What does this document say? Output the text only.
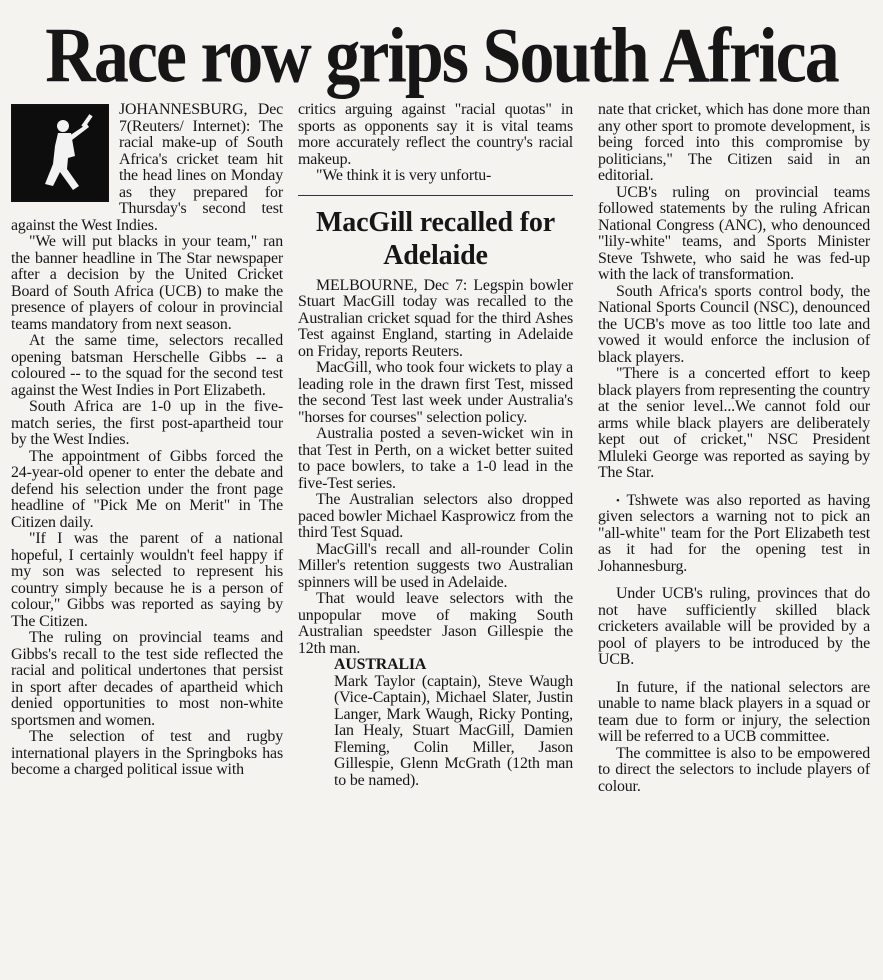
Race row grips South Africa

JOHANNESBURG, Dec 7(Reuters/ Internet): The racial make-up of South Africa's cricket team hit the head lines on Monday as they prepared for Thursday's second test against the West Indies.

"We will put blacks in your team," ran the banner headline in The Star newspaper after a decision by the United Cricket Board of South Africa (UCB) to make the presence of players of colour in provincial teams mandatory from next season.

At the same time, selectors recalled opening batsman Herschelle Gibbs -- a coloured -- to the squad for the second test against the West Indies in Port Elizabeth.

South Africa are 1-0 up in the five-match series, the first post-apartheid tour by the West Indies.

The appointment of Gibbs forced the 24-year-old opener to enter the debate and defend his selection under the front page headline of "Pick Me on Merit" in The Citizen daily.

"If I was the parent of a national hopeful, I certainly wouldn't feel happy if my son was selected to represent his country simply because he is a person of colour," Gibbs was reported as saying by The Citizen.

The ruling on provincial teams and Gibbs's recall to the test side reflected the racial and political undertones that persist in sport after decades of apartheid which denied opportunities to most non-white sportsmen and women.

The selection of test and rugby international players in the Springboks has become a charged political issue with

critics arguing against "racial quotas" in sports as opponents say it is vital teams more accurately reflect the country's racial makeup.

"We think it is very unfortu-

MacGill recalled for Adelaide

MELBOURNE, Dec 7: Legspin bowler Stuart MacGill today was recalled to the Australian cricket squad for the third Ashes Test against England, starting in Adelaide on Friday, reports Reuters.

MacGill, who took four wickets to play a leading role in the drawn first Test, missed the second Test last week under Australia's "horses for courses" selection policy.

Australia posted a seven-wicket win in that Test in Perth, on a wicket better suited to pace bowlers, to take a 1-0 lead in the five-Test series.

The Australian selectors also dropped paced bowler Michael Kasprowicz from the third Test Squad.

MacGill's recall and all-rounder Colin Miller's retention suggests two Australian spinners will be used in Adelaide.

That would leave selectors with the unpopular move of making South Australian speedster Jason Gillespie the 12th man.

AUSTRALIA

Mark Taylor (captain), Steve Waugh (Vice-Captain), Michael Slater, Justin Langer, Mark Waugh, Ricky Ponting, Ian Healy, Stuart MacGill, Damien Fleming, Colin Miller, Jason Gillespie, Glenn McGrath (12th man to be named).

nate that cricket, which has done more than any other sport to promote development, is being forced into this compromise by politicians," The Citizen said in an editorial.

UCB's ruling on provincial teams followed statements by the ruling African National Congress (ANC), who denounced "lily-white" teams, and Sports Minister Steve Tshwete, who said he was fed-up with the lack of transformation.

South Africa's sports control body, the National Sports Council (NSC), denounced the UCB's move as too little too late and vowed it would enforce the inclusion of black players.

"There is a concerted effort to keep black players from representing the country at the senior level...We cannot fold our arms while black players are deliberately kept out of cricket," NSC President Mluleki George was reported as saying by The Star.

• Tshwete was also reported as having given selectors a warning not to pick an "all-white" team for the Port Elizabeth test as it had for the opening test in Johannesburg.

Under UCB's ruling, provinces that do not have sufficiently skilled black cricketers available will be provided by a pool of players to be introduced by the UCB.

In future, if the national selectors are unable to name black players in a squad or team due to form or injury, the selection will be referred to a UCB committee.

The committee is also to be empowered to direct the selectors to include players of colour.
